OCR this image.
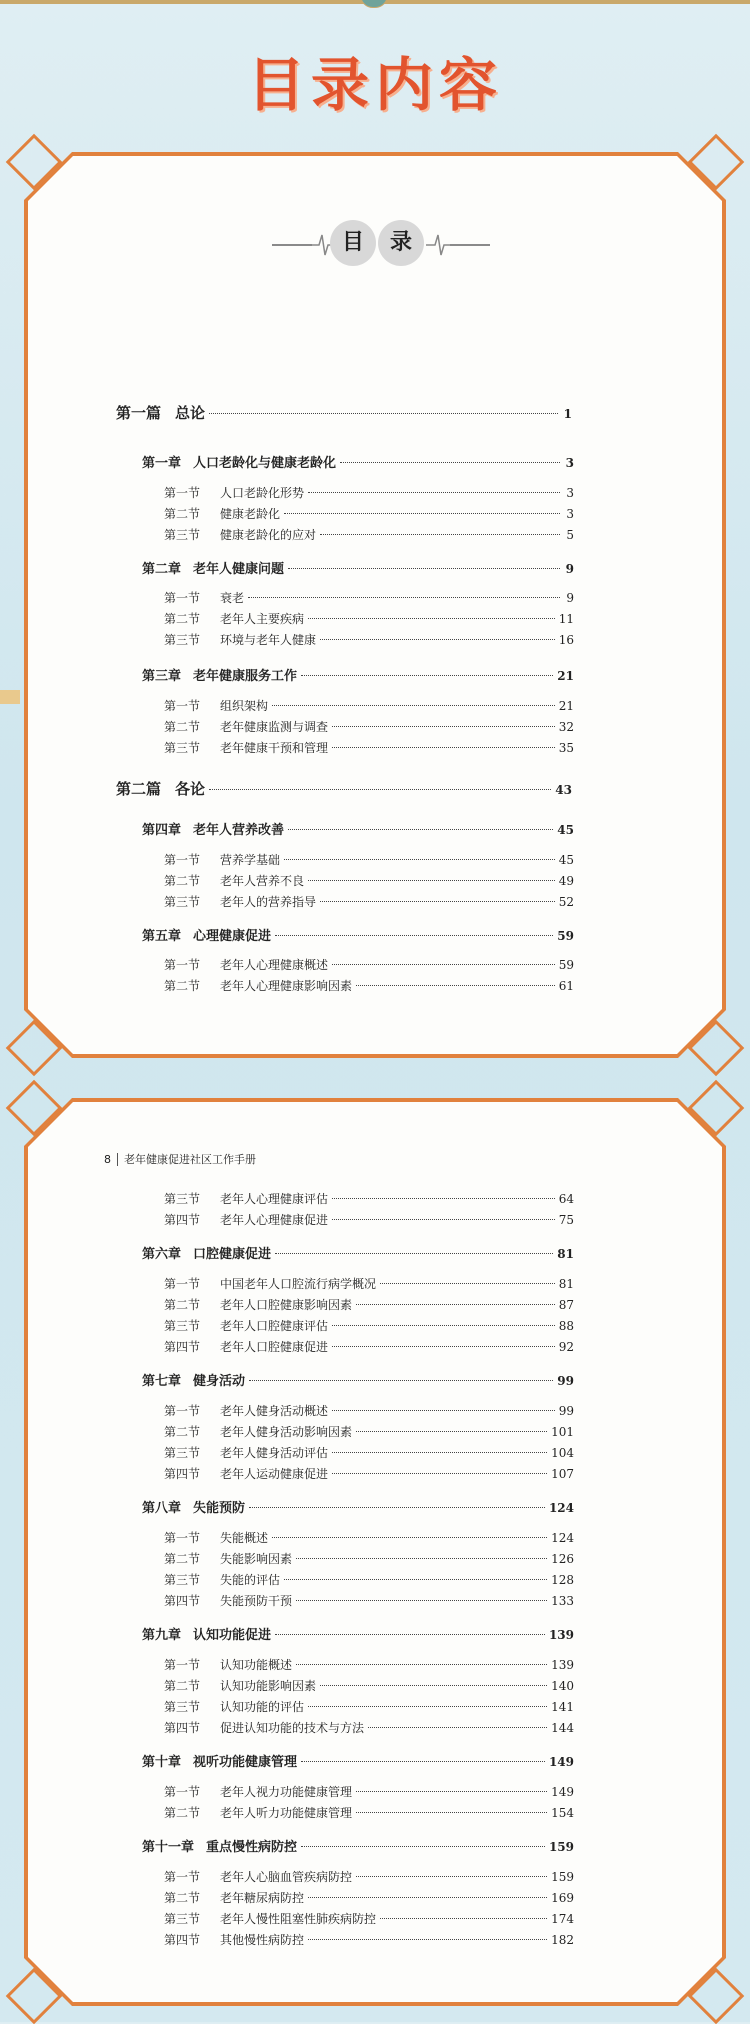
目录内容
目	录
第一篇 总论	1
第一章 人口老龄化与健康老龄化	3
第一节	人口老龄化形势	3
第二节	健康老龄化	3
第三节	健康老龄化的应对	5
第二章 老年人健康问题	9
第一节	衰老	9
第二节	老年人主要疾病	11
第三节	环境与老年人健康	16
第三章 老年健康服务工作	21
第一节	组织架构	21
第二节	老年健康监测与调查	32
第三节	老年健康干预和管理	35
第二篇 各论	43
第四章 老年人营养改善	45
第一节	营养学基础	45
第二节	老年人营养不良	49
第三节	老年人的营养指导	52
第五章 心理健康促进	59
第一节	老年人心理健康概述	59
第二节	老年人心理健康影响因素	61
8 老年健康促进社区工作手册
第三节	老年人心理健康评估	64
第四节	老年人心理健康促进	75
第六章 口腔健康促进	81
第一节	中国老年人口腔流行病学概况	81
第二节	老年人口腔健康影响因素	87
第三节	老年人口腔健康评估	88
第四节	老年人口腔健康促进	92
第七章 健身活动	99
第一节	老年人健身活动概述	99
第二节	老年人健身活动影响因素	101
第三节	老年人健身活动评估	104
第四节	老年人运动健康促进	107
第八章 失能预防	124
第一节	失能概述	124
第二节	失能影响因素	126
第三节	失能的评估	128
第四节	失能预防干预	133
第九章 认知功能促进	139
第一节	认知功能概述	139
第二节	认知功能影响因素	140
第三节	认知功能的评估	141
第四节	促进认知功能的技术与方法	144
第十章 视听功能健康管理	149
第一节	老年人视力功能健康管理	149
第二节	老年人听力功能健康管理	154
第十一章 重点慢性病防控	159
第一节	老年人心脑血管疾病防控	159
第二节	老年糖尿病防控	169
第三节	老年人慢性阻塞性肺疾病防控	174
第四节	其他慢性病防控	182
